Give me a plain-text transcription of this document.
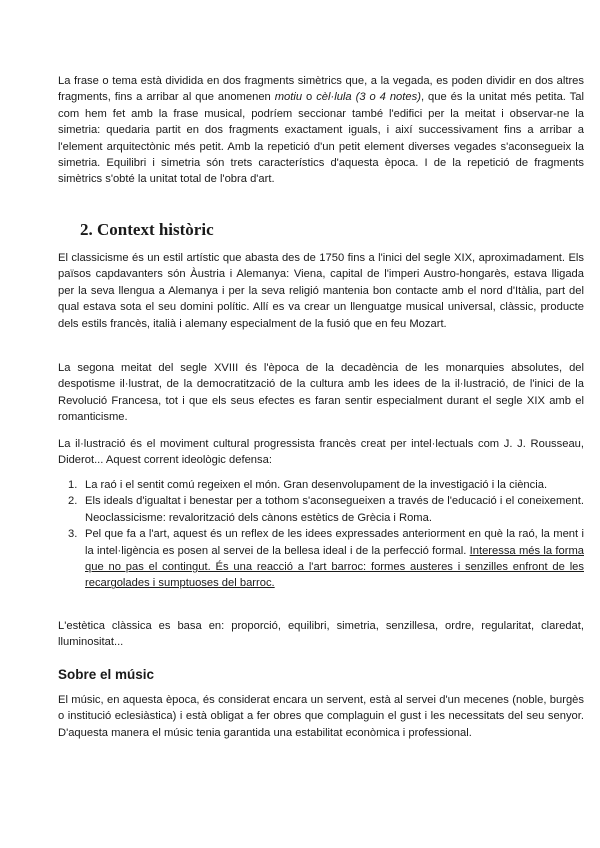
La frase o tema està dividida en dos fragments simètrics que, a la vegada, es poden dividir en dos altres fragments, fins a arribar al que anomenen motiu o cèl·lula (3 o 4 notes), que és la unitat més petita. Tal com hem fet amb la frase musical, podríem seccionar també l'edifici per la meitat i observar-ne la simetria: quedaria partit en dos fragments exactament iguals, i així successivament fins a arribar a l'element arquitectònic més petit. Amb la repetició d'un petit element diverses vegades s'aconsegueix la simetria. Equilibri i simetria són trets característics d'aquesta època. I de la repetició de fragments simètrics s'obté la unitat total de l'obra d'art.

2. Context històric

El classicisme és un estil artístic que abasta des de 1750 fins a l'inici del segle XIX, aproximadament. Els països capdavanters són Àustria i Alemanya: Viena, capital de l'imperi Austro-hongarès, estava lligada per la seva llengua a Alemanya i per la seva religió mantenia bon contacte amb el nord d'Itàlia, part del qual estava sota el seu domini polític. Allí es va crear un llenguatge musical universal, clàssic, producte dels estils francès, italià i alemany especialment de la fusió que en feu Mozart.

La segona meitat del segle XVIII és l'època de la decadència de les monarquies absolutes, del despotisme il·lustrat, de la democratització de la cultura amb les idees de la il·lustració, de l'inici de la Revolució Francesa, tot i que els seus efectes es faran sentir especialment durant el segle XIX amb el romanticisme.

La il·lustració és el moviment cultural progressista francès creat per intel·lectuals com J. J. Rousseau, Diderot... Aquest corrent ideològic defensa:

1. La raó i el sentit comú regeixen el món. Gran desenvolupament de la investigació i la ciència.
2. Els ideals d'igualtat i benestar per a tothom s'aconsegueixen a través de l'educació i el coneixement. Neoclassicisme: revalorització dels cànons estètics de Grècia i Roma.
3. Pel que fa a l'art, aquest és un reflex de les idees expressades anteriorment en què la raó, la ment i la intel·ligència es posen al servei de la bellesa ideal i de la perfecció formal. Interessa més la forma que no pas el contingut. És una reacció a l'art barroc: formes austeres i senzilles enfront de les recargolades i sumptuoses del barroc.

L'estètica clàssica es basa en: proporció, equilibri, simetria, senzillesa, ordre, regularitat, claredat, lluminositat...

Sobre el músic

El músic, en aquesta època, és considerat encara un servent, està al servei d'un mecenes (noble, burgès o institució eclesiàstica) i està obligat a fer obres que complaguin el gust i les necessitats del seu senyor. D'aquesta manera el músic tenia garantida una estabilitat econòmica i professional.
